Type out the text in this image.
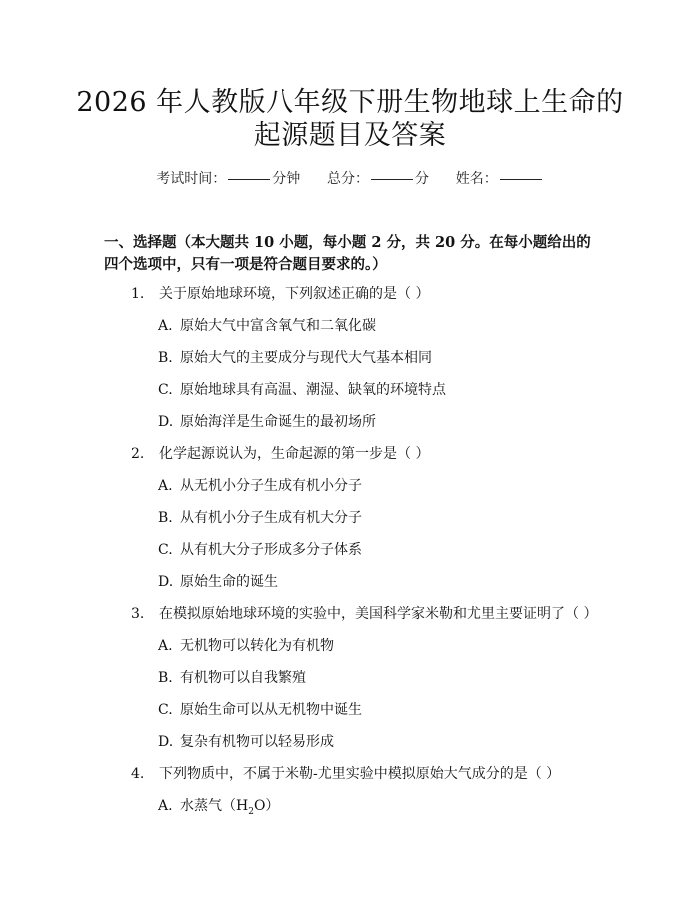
2026 年人教版八年级下册生物地球上生命的
起源题目及答案
考试时间：	分钟 总分：	分 姓名：
一、选择题（本大题共 10 小题，每小题 2 分，共 20 分。在每小题给出的四个选项中，只有一项是符合题目要求的。）
1. 关于原始地球环境，下列叙述正确的是（ ）
A. 原始大气中富含氧气和二氧化碳
B. 原始大气的主要成分与现代大气基本相同
C. 原始地球具有高温、潮湿、缺氧的环境特点
D. 原始海洋是生命诞生的最初场所
2. 化学起源说认为，生命起源的第一步是（ ）
A. 从无机小分子生成有机小分子
B. 从有机小分子生成有机大分子
C. 从有机大分子形成多分子体系
D. 原始生命的诞生
3. 在模拟原始地球环境的实验中，美国科学家米勒和尤里主要证明了（ ）
A. 无机物可以转化为有机物
B. 有机物可以自我繁殖
C. 原始生命可以从无机物中诞生
D. 复杂有机物可以轻易形成
4. 下列物质中，不属于米勒-尤里实验中模拟原始大气成分的是（ ）
A. 水蒸气$(H_2O)$
